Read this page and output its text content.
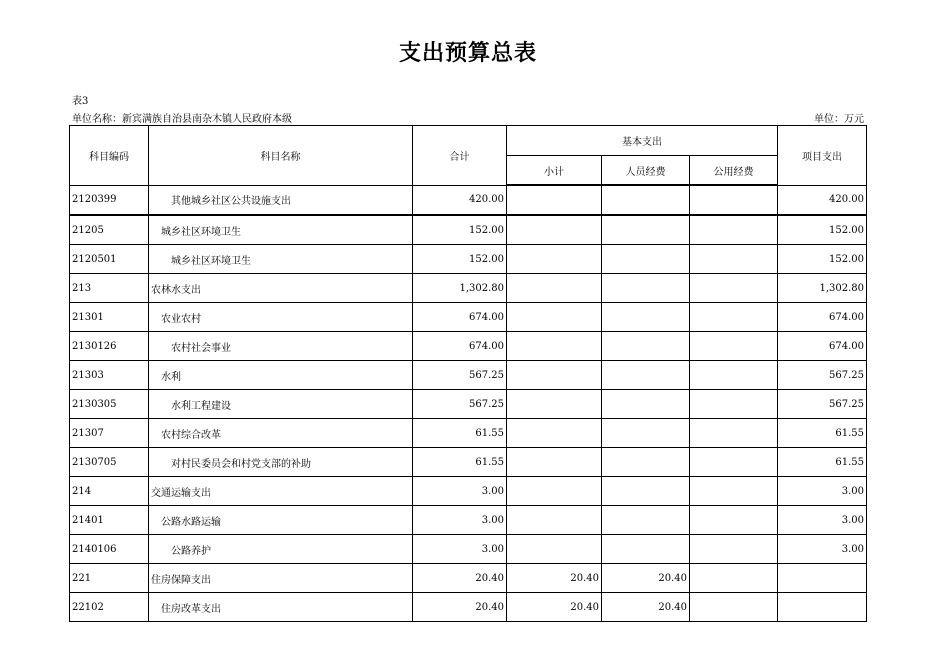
支出预算总表
表3
单位名称：新宾满族自治县南杂木镇人民政府本级	单位：万元
科目编码	科目名称	合计	基本支出			项目支出
			小计	人员经费	公用经费	
2120399	其他城乡社区公共设施支出	420.00				420.00
21205	城乡社区环境卫生	152.00				152.00
2120501	城乡社区环境卫生	152.00				152.00
213	农林水支出	1,302.80				1,302.80
21301	农业农村	674.00				674.00
2130126	农村社会事业	674.00				674.00
21303	水利	567.25				567.25
2130305	水利工程建设	567.25				567.25
21307	农村综合改革	61.55				61.55
2130705	对村民委员会和村党支部的补助	61.55				61.55
214	交通运输支出	3.00				3.00
21401	公路水路运输	3.00				3.00
2140106	公路养护	3.00				3.00
221	住房保障支出	20.40	20.40	20.40		
22102	住房改革支出	20.40	20.40	20.40		
